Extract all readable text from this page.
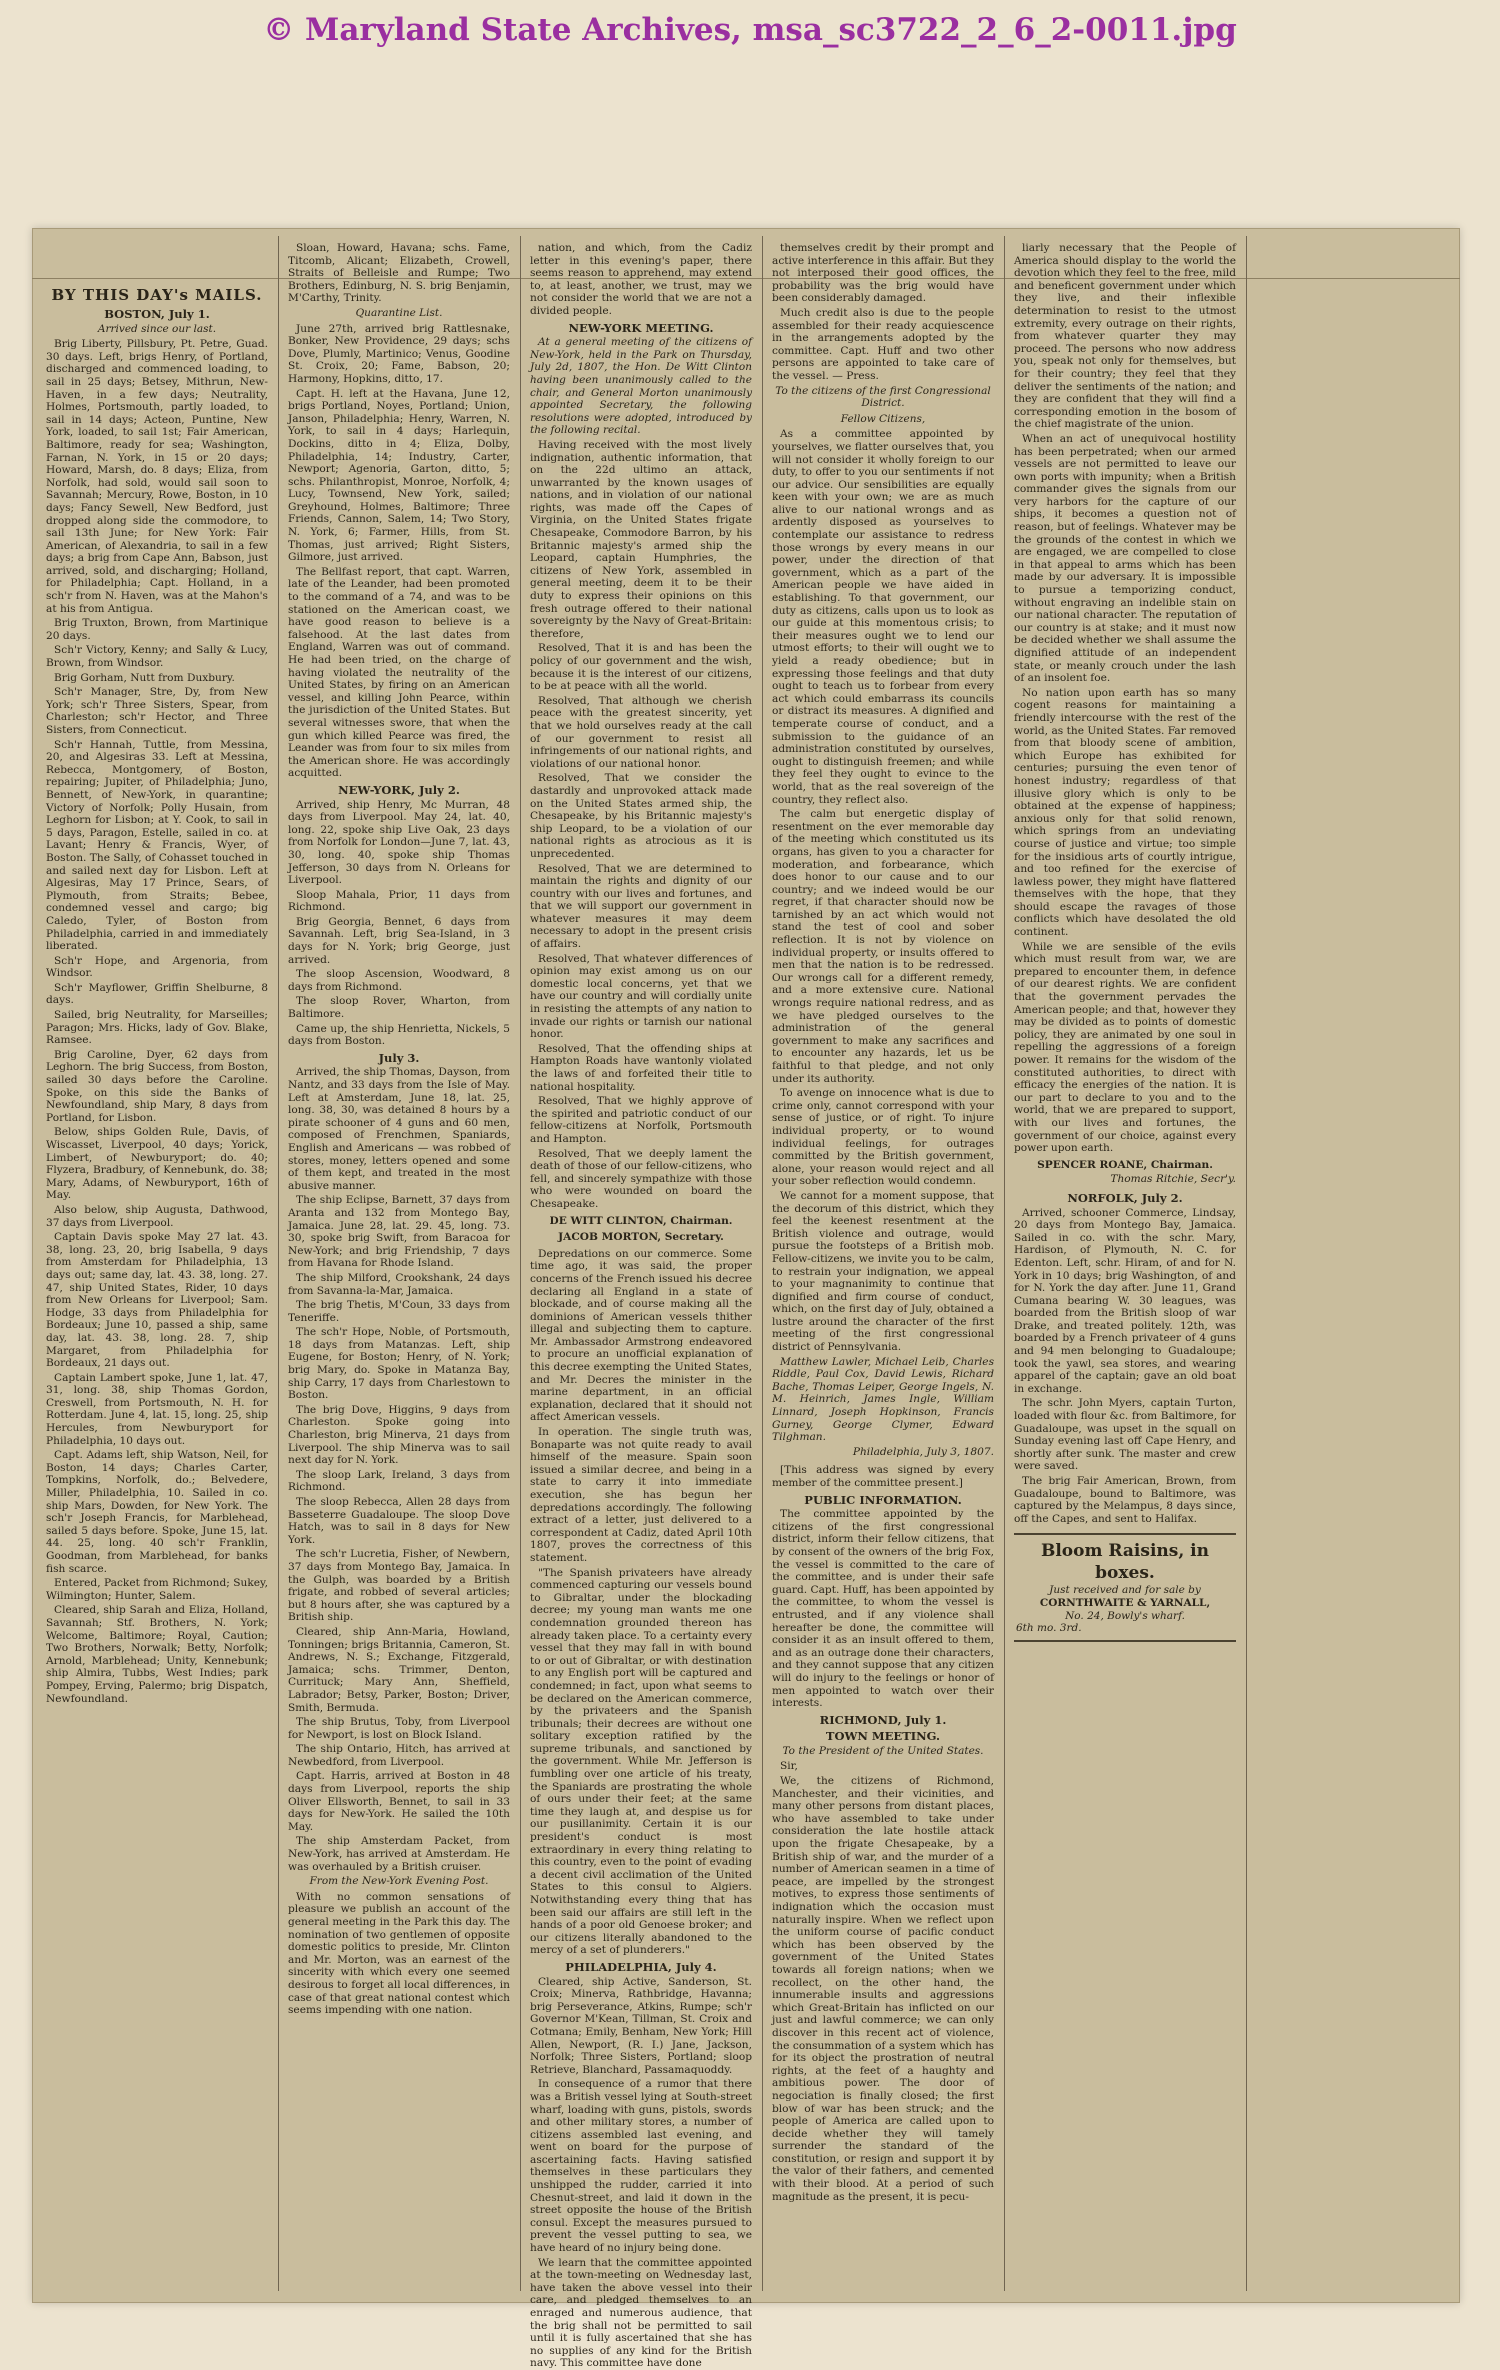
© Maryland State Archives, msa_sc3722_2_6_2-0011.jpg
BY THIS DAY's MAILS.
BOSTON, July 1.
Arrived since our last.

Brig Liberty, Pillsbury, Pt. Petre, Guad. 30 days. Left, brigs Henry, of Portland, discharged and commenced loading, to sail in 25 days; Betsey, Mithrun, New-Haven, in a few days; Neutrality, Holmes, Portsmouth, partly loaded, to sail in 14 days; Acteon, Puntine, New York, loaded, to sail 1st; Fair American, Baltimore, ready for sea; Washington, Farnan, N. York, in 15 or 20 days; Howard, Marsh, do. 8 days; Eliza, from Norfolk, had sold, would sail soon to Savannah; Mercury, Rowe, Boston, in 10 days; Fancy Sewell, New Bedford, just dropped along side the commodore, to sail 13th June; for New York: Fair American, of Alexandria, to sail in a few days; a brig from Cape Ann, Babson, just arrived, sold, and discharging; Holland, for Philadelphia; Capt. Holland, in a sch'r from N. Haven, was at the Mahon's at his from Antigua.

Brig Truxton, Brown, from Martinique 20 days.

Sch'r Victory, Kenny; and Sally & Lucy, Brown, from Windsor.

Brig Gorham, Nutt from Duxbury.

Sch'r Manager, Stre, Dy, from New York; sch'r Three Sisters, Spear, from Charleston; sch'r Hector, and Three Sisters, from Connecticut.

Sch'r Hannah, Tuttle, from Messina, 20, and Algesiras 33. Left at Messina, Rebecca, Montgomery, of Boston, repairing; Jupiter, of Philadelphia; Juno, Bennett, of New-York, in quarantine; Victory of Norfolk; Polly Husain, from Leghorn for Lisbon; at Y. Cook, to sail in 5 days, Paragon, Estelle, sailed in co. at Lavant; Henry & Francis, Wyer, of Boston. The Sally, of Cohasset touched in and sailed next day for Lisbon. Left at Algesiras, May 17 Prince, Sears, of Plymouth, from Straits; Bebee, condemned vessel and cargo; big Caledo, Tyler, of Boston from Philadelphia, carried in and immediately liberated.

Sch'r Hope, and Argenoria, from Windsor.

Sch'r Mayflower, Griffin Shelburne, 8 days.

Sailed, brig Neutrality, for Marseilles; Paragon; Mrs. Hicks, lady of Gov. Blake, Ramsee.

Brig Caroline, Dyer, 62 days from Leghorn. The brig Success, from Boston, sailed 30 days before the Caroline. Spoke, on this side the Banks of Newfoundland, ship Mary, 8 days from Portland, for Lisbon.

Below, ships Golden Rule, Davis, of Wiscasset, Liverpool, 40 days; Yorick, Limbert, of Newburyport; do. 40; Flyzera, Bradbury, of Kennebunk, do. 38; Mary, Adams, of Newburyport, 16th of May.

Also below, ship Augusta, Dathwood, 37 days from Liverpool.

Captain Davis spoke May 27 lat. 43. 38, long. 23, 20, brig Isabella, 9 days from Amsterdam for Philadelphia, 13 days out; same day, lat. 43. 38, long. 27. 47, ship United States, Rider, 10 days from New Orleans for Liverpool; Sam. Hodge, 33 days from Philadelphia for Bordeaux; June 10, passed a ship, same day, lat. 43. 38, long. 28. 7, ship Margaret, from Philadelphia for Bordeaux, 21 days out.

Captain Lambert spoke, June 1, lat. 47, 31, long. 38, ship Thomas Gordon, Creswell, from Portsmouth, N. H. for Rotterdam. June 4, lat. 15, long. 25, ship Hercules, from Newburyport for Philadelphia, 10 days out.

Capt. Adams left, ship Watson, Neil, for Boston, 14 days; Charles Carter, Tompkins, Norfolk, do.; Belvedere, Miller, Philadelphia, 10. Sailed in co. ship Mars, Dowden, for New York. The sch'r Joseph Francis, for Marblehead, sailed 5 days before. Spoke, June 15, lat. 44. 25, long. 40 sch'r Franklin, Goodman, from Marblehead, for banks fish scarce.

Entered, Packet from Richmond; Sukey, Wilmington; Hunter, Salem.

Cleared, ship Sarah and Eliza, Holland, Savannah; Stf. Brothers, N. York; Welcome, Baltimore; Royal, Caution; Two Brothers, Norwalk; Betty, Norfolk; Arnold, Marblehead; Unity, Kennebunk; ship Almira, Tubbs, West Indies; park Pompey, Erving, Palermo; brig Dispatch, Newfoundland.

Sloan, Howard, Havana; schs. Fame, Titcomb, Alicant; Elizabeth, Crowell, Straits of Belleisle and Rumpe; Two Brothers, Edinburg, N. S. brig Benjamin, M'Carthy, Trinity.

Quarantine List.

June 27th, arrived brig Rattlesnake, Bonker, New Providence, 29 days; schs Dove, Plumly, Martinico; Venus, Goodine St. Croix, 20; Fame, Babson, 20; Harmony, Hopkins, ditto, 17.

Capt. H. left at the Havana, June 12, brigs Portland, Noyes, Portland; Union, Janson, Philadelphia; Henry, Warren, N. York, to sail in 4 days; Harlequin, Dockins, ditto in 4; Eliza, Dolby, Philadelphia, 14; Industry, Carter, Newport; Agenoria, Garton, ditto, 5; schs. Philanthropist, Monroe, Norfolk, 4; Lucy, Townsend, New York, sailed; Greyhound, Holmes, Baltimore; Three Friends, Cannon, Salem, 14; Two Story, N. York, 6; Farmer, Hills, from St. Thomas, just arrived; Right Sisters, Gilmore, just arrived.

The Bellfast report, that capt. Warren, late of the Leander, had been promoted to the command of a 74, and was to be stationed on the American coast, we have good reason to believe is a falsehood. At the last dates from England, Warren was out of command. He had been tried, on the charge of having violated the neutrality of the United States, by firing on an American vessel, and killing John Pearce, within the jurisdiction of the United States. But several witnesses swore, that when the gun which killed Pearce was fired, the Leander was from four to six miles from the American shore. He was accordingly acquitted.

NEW-YORK, July 2.

Arrived, ship Henry, Mc Murran, 48 days from Liverpool. May 24, lat. 40, long. 22, spoke ship Live Oak, 23 days from Norfolk for London—June 7, lat. 43, 30, long. 40, spoke ship Thomas Jefferson, 30 days from N. Orleans for Liverpool.

Sloop Mahala, Prior, 11 days from Richmond.

Brig Georgia, Bennet, 6 days from Savannah. Left, brig Sea-Island, in 3 days for N. York; brig George, just arrived.

The sloop Ascension, Woodward, 8 days from Richmond.

The sloop Rover, Wharton, from Baltimore.

Came up, the ship Henrietta, Nickels, 5 days from Boston.

July 3.

Arrived, the ship Thomas, Dayson, from Nantz, and 33 days from the Isle of May. Left at Amsterdam, June 18, lat. 25, long. 38, 30, was detained 8 hours by a pirate schooner of 4 guns and 60 men, composed of Frenchmen, Spaniards, English and Americans — was robbed of stores, money, letters opened and some of them kept, and treated in the most abusive manner.

The ship Eclipse, Barnett, 37 days from Aranta and 132 from Montego Bay, Jamaica. June 28, lat. 29. 45, long. 73. 30, spoke brig Swift, from Baracoa for New-York; and brig Friendship, 7 days from Havana for Rhode Island.

The ship Milford, Crookshank, 24 days from Savanna-la-Mar, Jamaica.

The brig Thetis, M'Coun, 33 days from Teneriffe.

The sch'r Hope, Noble, of Portsmouth, 18 days from Matanzas. Left, ship Eugene, for Boston; Henry, of N. York; brig Mary, do. Spoke in Matanza Bay, ship Carry, 17 days from Charlestown to Boston.

The brig Dove, Higgins, 9 days from Charleston. Spoke going into Charleston, brig Minerva, 21 days from Liverpool. The ship Minerva was to sail next day for N. York.

The sloop Lark, Ireland, 3 days from Richmond.

The sloop Rebecca, Allen 28 days from Basseterre Guadaloupe. The sloop Dove Hatch, was to sail in 8 days for New York.

The sch'r Lucretia, Fisher, of Newbern, 37 days from Montego Bay, Jamaica. In the Gulph, was boarded by a British frigate, and robbed of several articles; but 8 hours after, she was captured by a British ship.

Cleared, ship Ann-Maria, Howland, Tonningen; brigs Britannia, Cameron, St. Andrews, N. S.; Exchange, Fitzgerald, Jamaica; schs. Trimmer, Denton, Currituck; Mary Ann, Sheffield, Labrador; Betsy, Parker, Boston; Driver, Smith, Bermuda.

The ship Brutus, Toby, from Liverpool for Newport, is lost on Block Island.

The ship Ontario, Hitch, has arrived at Newbedford, from Liverpool.

Capt. Harris, arrived at Boston in 48 days from Liverpool, reports the ship Oliver Ellsworth, Bennet, to sail in 33 days for New-York. He sailed the 10th May.

The ship Amsterdam Packet, from New-York, has arrived at Amsterdam. He was overhauled by a British cruiser.

From the New-York Evening Post.

With no common sensations of pleasure we publish an account of the general meeting in the Park this day. The nomination of two gentlemen of opposite domestic politics to preside, Mr. Clinton and Mr. Morton, was an earnest of the sincerity with which every one seemed desirous to forget all local differences, in case of that great national contest which seems impending with one nation.

nation, and which, from the Cadiz letter in this evening's paper, there seems reason to apprehend, may extend to, at least, another, we trust, may we not consider the world that we are not a divided people.

NEW-YORK MEETING.

At a general meeting of the citizens of New-York, held in the Park on Thursday, July 2d, 1807, the Hon. De Witt Clinton having been unanimously called to the chair, and General Morton unanimously appointed Secretary, the following resolutions were adopted, introduced by the following recital.

Having received with the most lively indignation, authentic information, that on the 22d ultimo an attack, unwarranted by the known usages of nations, and in violation of our national rights, was made off the Capes of Virginia, on the United States frigate Chesapeake, Commodore Barron, by his Britannic majesty's armed ship the Leopard, captain Humphries, the citizens of New York, assembled in general meeting, deem it to be their duty to express their opinions on this fresh outrage offered to their national sovereignty by the Navy of Great-Britain: therefore,

Resolved, That it is and has been the policy of our government and the wish, because it is the interest of our citizens, to be at peace with all the world.

Resolved, That although we cherish peace with the greatest sincerity, yet that we hold ourselves ready at the call of our government to resist all infringements of our national rights, and violations of our national honor.

Resolved, That we consider the dastardly and unprovoked attack made on the United States armed ship, the Chesapeake, by his Britannic majesty's ship Leopard, to be a violation of our national rights as atrocious as it is unprecedented.

Resolved, That we are determined to maintain the rights and dignity of our country with our lives and fortunes, and that we will support our government in whatever measures it may deem necessary to adopt in the present crisis of affairs.

Resolved, That whatever differences of opinion may exist among us on our domestic local concerns, yet that we have our country and will cordially unite in resisting the attempts of any nation to invade our rights or tarnish our national honor.

Resolved, That the offending ships at Hampton Roads have wantonly violated the laws of and forfeited their title to national hospitality.

Resolved, That we highly approve of the spirited and patriotic conduct of our fellow-citizens at Norfolk, Portsmouth and Hampton.

Resolved, That we deeply lament the death of those of our fellow-citizens, who fell, and sincerely sympathize with those who were wounded on board the Chesapeake.

DE WITT CLINTON, Chairman.
JACOB MORTON, Secretary.

Depredations on our commerce. Some time ago, it was said, the proper concerns of the French issued his decree declaring all England in a state of blockade, and of course making all the dominions of American vessels thither illegal and subjecting them to capture. Mr. Ambassador Armstrong endeavored to procure an unofficial explanation of this decree exempting the United States, and Mr. Decres the minister in the marine department, in an official explanation, declared that it should not affect American vessels.

In operation. The single truth was, Bonaparte was not quite ready to avail himself of the measure. Spain soon issued a similar decree, and being in a state to carry it into immediate execution, she has begun her depredations accordingly. The following extract of a letter, just delivered to a correspondent at Cadiz, dated April 10th 1807, proves the correctness of this statement.

"The Spanish privateers have already commenced capturing our vessels bound to Gibraltar, under the blockading decree; my young man wants me one condemnation grounded thereon has already taken place. To a certainty every vessel that they may fall in with bound to or out of Gibraltar, or with destination to any English port will be captured and condemned; in fact, upon what seems to be declared on the American commerce, by the privateers and the Spanish tribunals; their decrees are without one solitary exception ratified by the supreme tribunals, and sanctioned by the government. While Mr. Jefferson is fumbling over one article of his treaty, the Spaniards are prostrating the whole of ours under their feet; at the same time they laugh at, and despise us for our pusillanimity. Certain it is our president's conduct is most extraordinary in every thing relating to this country, even to the point of evading a decent civil acclimation of the United States to this consul to Algiers. Notwithstanding every thing that has been said our affairs are still left in the hands of a poor old Genoese broker; and our citizens literally abandoned to the mercy of a set of plunderers."

PHILADELPHIA, July 4.

Cleared, ship Active, Sanderson, St. Croix; Minerva, Rathbridge, Havanna; brig Perseverance, Atkins, Rumpe; sch'r Governor M'Kean, Tillman, St. Croix and Cotmana; Emily, Benham, New York; Hill Allen, Newport, (R. I.) Jane, Jackson, Norfolk; Three Sisters, Portland; sloop Retrieve, Blanchard, Passamaquoddy.

In consequence of a rumor that there was a British vessel lying at South-street wharf, loading with guns, pistols, swords and other military stores, a number of citizens assembled last evening, and went on board for the purpose of ascertaining facts. Having satisfied themselves in these particulars they unshipped the rudder, carried it into Chesnut-street, and laid it down in the street opposite the house of the British consul. Except the measures pursued to prevent the vessel putting to sea, we have heard of no injury being done.

We learn that the committee appointed at the town-meeting on Wednesday last, have taken the above vessel into their care, and pledged themselves to an enraged and numerous audience, that the brig shall not be permitted to sail until it is fully ascertained that she has no supplies of any kind for the British navy. This committee have done

themselves credit by their prompt and active interference in this affair. But they not interposed their good offices, the probability was the brig would have been considerably damaged.

Much credit also is due to the people assembled for their ready acquiescence in the arrangements adopted by the committee. Capt. Huff and two other persons are appointed to take care of the vessel. — Press.

To the citizens of the first Congressional District.
Fellow Citizens,

As a committee appointed by yourselves, we flatter ourselves that, you will not consider it wholly foreign to our duty, to offer to you our sentiments if not our advice. Our sensibilities are equally keen with your own; we are as much alive to our national wrongs and as ardently disposed as yourselves to contemplate our assistance to redress those wrongs by every means in our power, under the direction of that government, which as a part of the American people we have aided in establishing. To that government, our duty as citizens, calls upon us to look as our guide at this momentous crisis; to their measures ought we to lend our utmost efforts; to their will ought we to yield a ready obedience; but in expressing those feelings and that duty ought to teach us to forbear from every act which could embarrass its councils or distract its measures. A dignified and temperate course of conduct, and a submission to the guidance of an administration constituted by ourselves, ought to distinguish freemen; and while they feel they ought to evince to the world, that as the real sovereign of the country, they reflect also.

The calm but energetic display of resentment on the ever memorable day of the meeting which constituted us its organs, has given to you a character for moderation, and forbearance, which does honor to our cause and to our country; and we indeed would be our regret, if that character should now be tarnished by an act which would not stand the test of cool and sober reflection. It is not by violence on individual property, or insults offered to men that the nation is to be redressed. Our wrongs call for a different remedy, and a more extensive cure. National wrongs require national redress, and as we have pledged ourselves to the administration of the general government to make any sacrifices and to encounter any hazards, let us be faithful to that pledge, and not only under its authority.

To avenge on innocence what is due to crime only, cannot correspond with your sense of justice, or of right. To injure individual property, or to wound individual feelings, for outrages committed by the British government, alone, your reason would reject and all your sober reflection would condemn.

We cannot for a moment suppose, that the decorum of this district, which they feel the keenest resentment at the British violence and outrage, would pursue the footsteps of a British mob. Fellow-citizens, we invite you to be calm, to restrain your indignation, we appeal to your magnanimity to continue that dignified and firm course of conduct, which, on the first day of July, obtained a lustre around the character of the first meeting of the first congressional district of Pennsylvania.

Matthew Lawler, Michael Leib, Charles Riddle, Paul Cox, David Lewis, Richard Bache, Thomas Leiper, George Ingels, N. M. Heinrich, James Ingle, William Linnard, Joseph Hopkinson, Francis Gurney, George Clymer, Edward Tilghman.

Philadelphia, July 3, 1807.

[This address was signed by every member of the committee present.]

PUBLIC INFORMATION.

The committee appointed by the citizens of the first congressional district, inform their fellow citizens, that by consent of the owners of the brig Fox, the vessel is committed to the care of the committee, and is under their safe guard. Capt. Huff, has been appointed by the committee, to whom the vessel is entrusted, and if any violence shall hereafter be done, the committee will consider it as an insult offered to them, and as an outrage done their characters, and they cannot suppose that any citizen will do injury to the feelings or honor of men appointed to watch over their interests.

RICHMOND, July 1.
TOWN MEETING.
To the President of the United States.

Sir,

We, the citizens of Richmond, Manchester, and their vicinities, and many other persons from distant places, who have assembled to take under consideration the late hostile attack upon the frigate Chesapeake, by a British ship of war, and the murder of a number of American seamen in a time of peace, are impelled by the strongest motives, to express those sentiments of indignation which the occasion must naturally inspire. When we reflect upon the uniform course of pacific conduct which has been observed by the government of the United States towards all foreign nations; when we recollect, on the other hand, the innumerable insults and aggressions which Great-Britain has inflicted on our just and lawful commerce; we can only discover in this recent act of violence, the consummation of a system which has for its object the prostration of neutral rights, at the feet of a haughty and ambitious power. The door of negociation is finally closed; the first blow of war has been struck; and the people of America are called upon to decide whether they will tamely surrender the standard of the constitution, or resign and support it by the valor of their fathers, and cemented with their blood. At a period of such magnitude as the present, it is pecu-

liarly necessary that the People of America should display to the world the devotion which they feel to the free, mild and beneficent government under which they live, and their inflexible determination to resist to the utmost extremity, every outrage on their rights, from whatever quarter they may proceed. The persons who now address you, speak not only for themselves, but for their country; they feel that they deliver the sentiments of the nation; and they are confident that they will find a corresponding emotion in the bosom of the chief magistrate of the union.

When an act of unequivocal hostility has been perpetrated; when our armed vessels are not permitted to leave our own ports with impunity; when a British commander gives the signals from our very harbors for the capture of our ships, it becomes a question not of reason, but of feelings. Whatever may be the grounds of the contest in which we are engaged, we are compelled to close in that appeal to arms which has been made by our adversary. It is impossible to pursue a temporizing conduct, without engraving an indelible stain on our national character. The reputation of our country is at stake; and it must now be decided whether we shall assume the dignified attitude of an independent state, or meanly crouch under the lash of an insolent foe.

No nation upon earth has so many cogent reasons for maintaining a friendly intercourse with the rest of the world, as the United States. Far removed from that bloody scene of ambition, which Europe has exhibited for centuries; pursuing the even tenor of honest industry; regardless of that illusive glory which is only to be obtained at the expense of happiness; anxious only for that solid renown, which springs from an undeviating course of justice and virtue; too simple for the insidious arts of courtly intrigue, and too refined for the exercise of lawless power, they might have flattered themselves with the hope, that they should escape the ravages of those conflicts which have desolated the old continent.

While we are sensible of the evils which must result from war, we are prepared to encounter them, in defence of our dearest rights. We are confident that the government pervades the American people; and that, however they may be divided as to points of domestic policy, they are animated by one soul in repelling the aggressions of a foreign power. It remains for the wisdom of the constituted authorities, to direct with efficacy the energies of the nation. It is our part to declare to you and to the world, that we are prepared to support, with our lives and fortunes, the government of our choice, against every power upon earth.

SPENCER ROANE, Chairman.
Thomas Ritchie, Secr'y.
NORFOLK, July 2.

Arrived, schooner Commerce, Lindsay, 20 days from Montego Bay, Jamaica. Sailed in co. with the schr. Mary, Hardison, of Plymouth, N. C. for Edenton. Left, schr. Hiram, of and for N. York in 10 days; brig Washington, of and for N. York the day after. June 11, Grand Cumana bearing W. 30 leagues, was boarded from the British sloop of war Drake, and treated politely. 12th, was boarded by a French privateer of 4 guns and 94 men belonging to Guadaloupe; took the yawl, sea stores, and wearing apparel of the captain; gave an old boat in exchange.

The schr. John Myers, captain Turton, loaded with flour &c. from Baltimore, for Guadaloupe, was upset in the squall on Sunday evening last off Cape Henry, and shortly after sunk. The master and crew were saved.

The brig Fair American, Brown, from Guadaloupe, bound to Baltimore, was captured by the Melampus, 8 days since, off the Capes, and sent to Halifax.

Bloom Raisins, in boxes.
Just received and for sale by
CORNTHWAITE & YARNALL,
No. 24, Bowly's wharf.
6th mo. 3rd.
